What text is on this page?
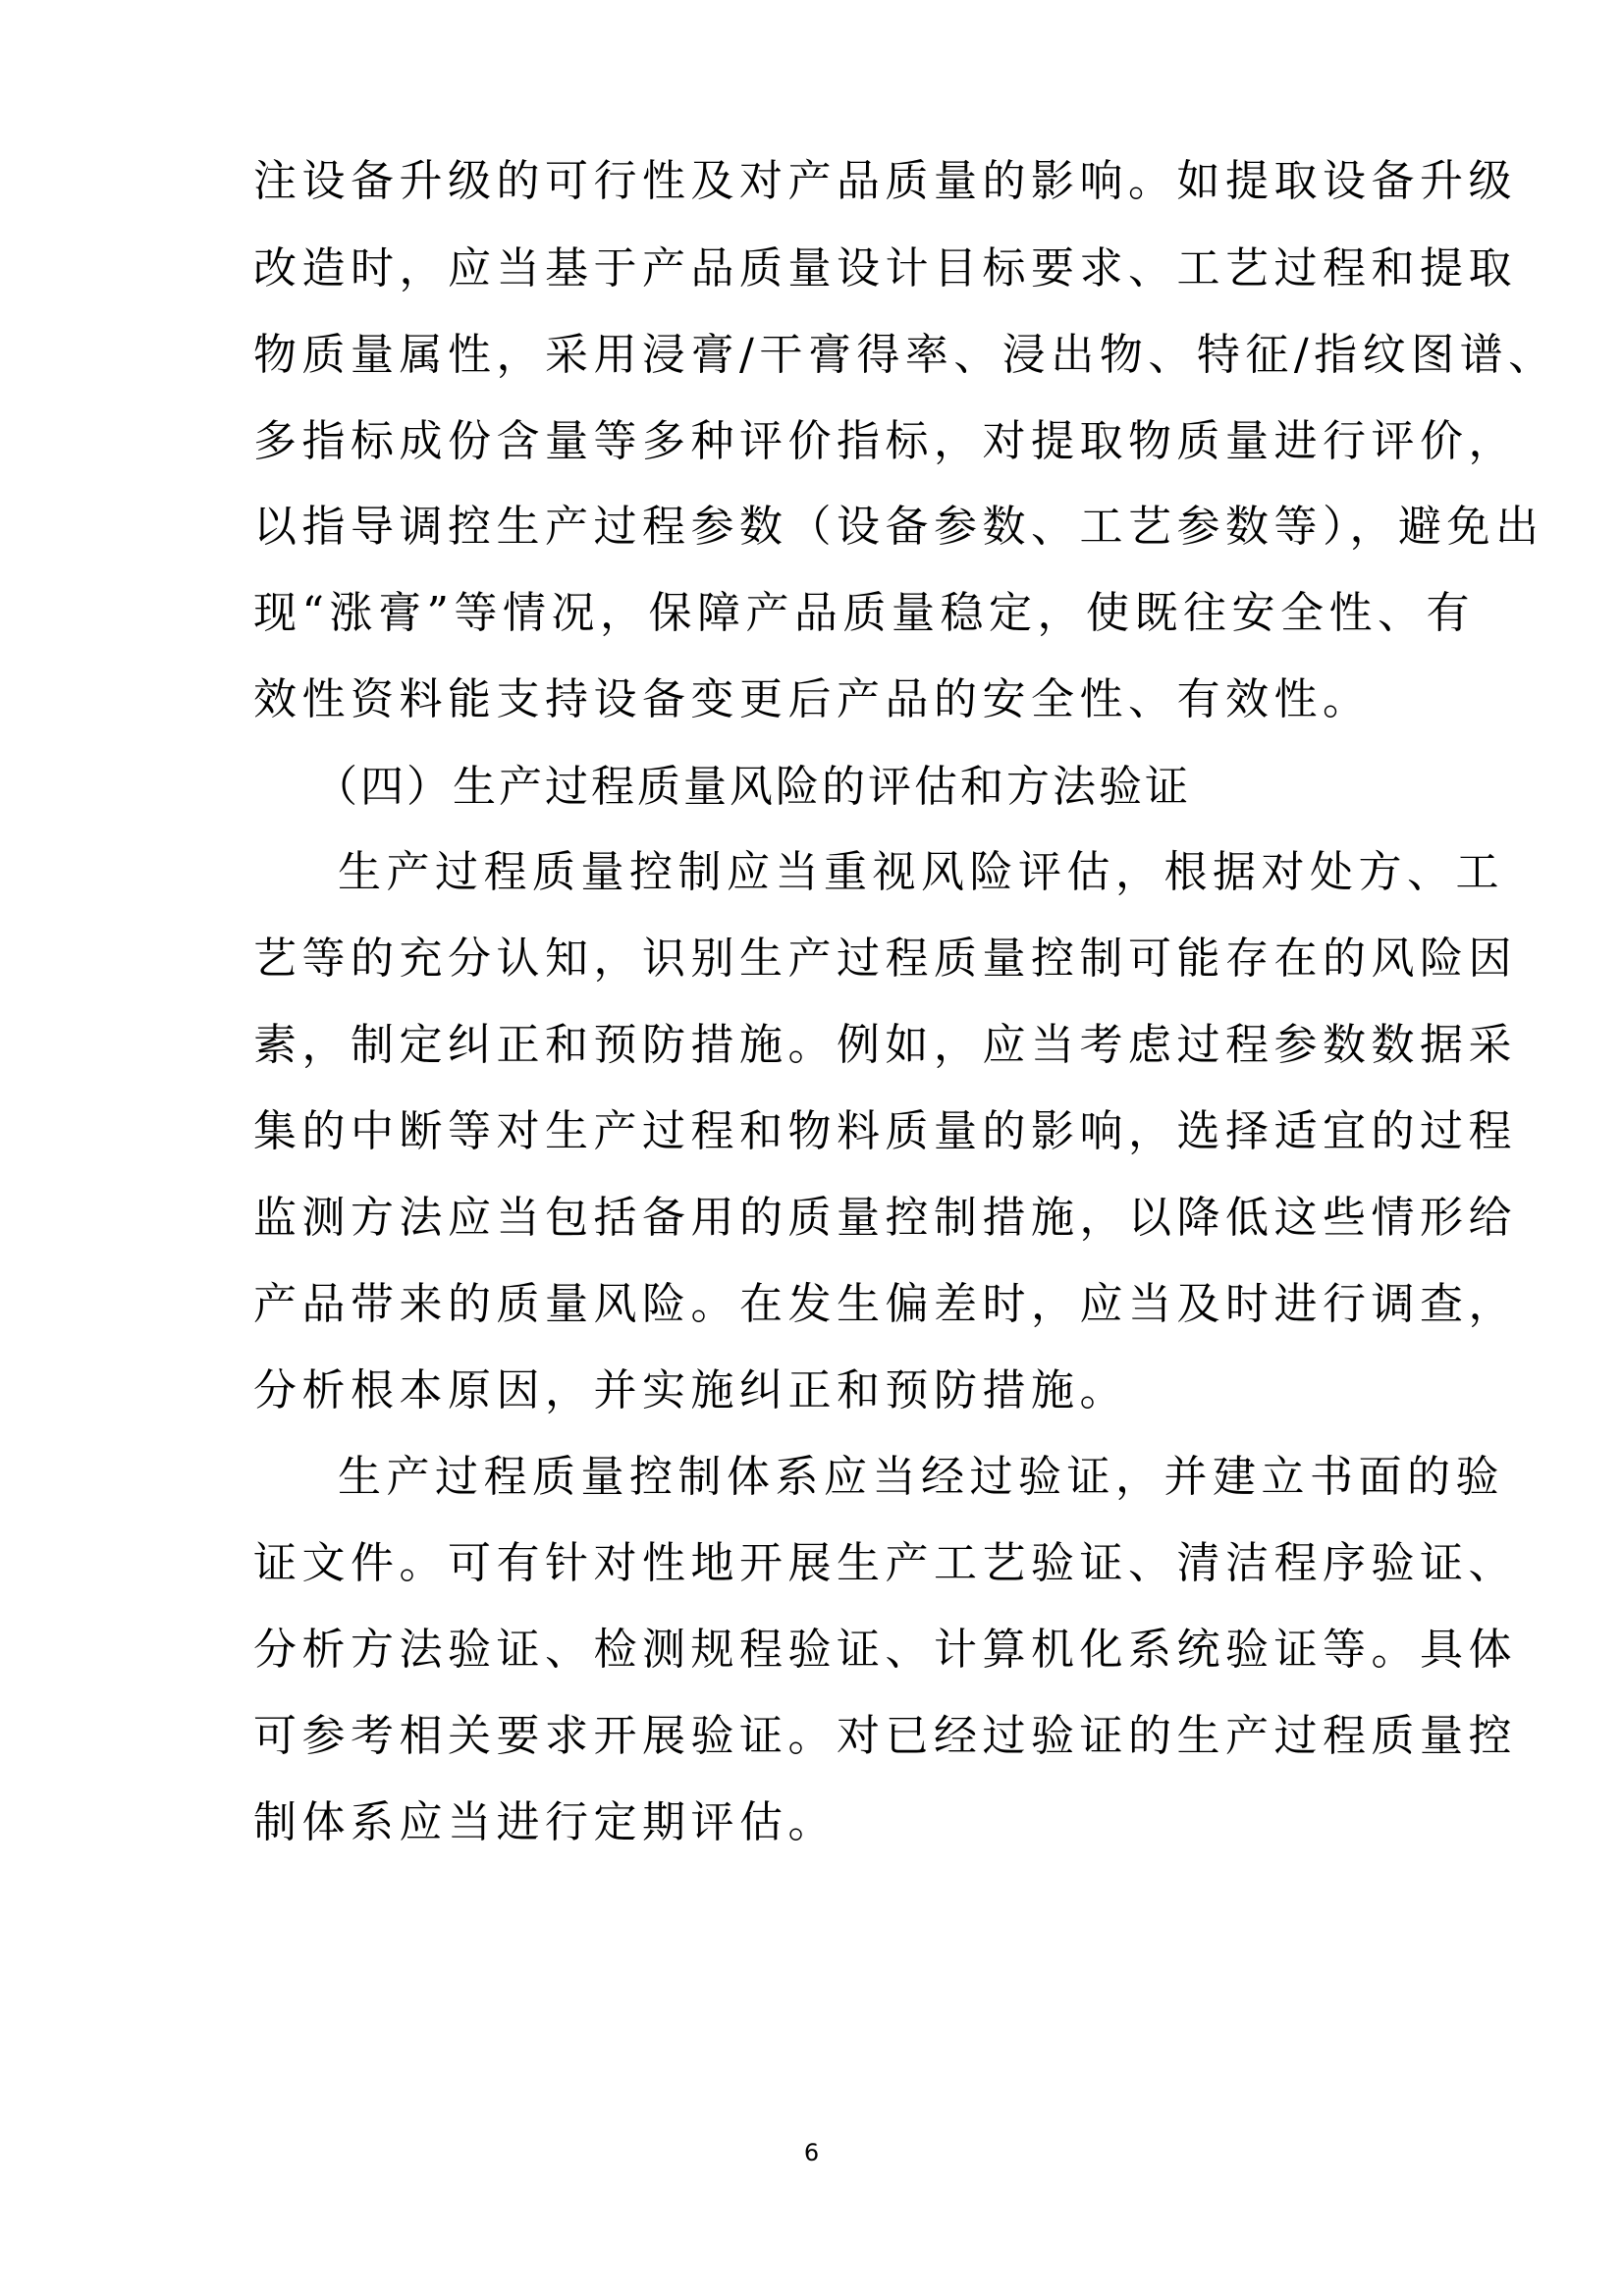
注设备升级的可行性及对产品质量的影响。如提取设备升级
改造时，应当基于产品质量设计目标要求、工艺过程和提取
物质量属性，采用浸膏/干膏得率、浸出物、特征/指纹图谱、
多指标成份含量等多种评价指标，对提取物质量进行评价，
以指导调控生产过程参数（设备参数、工艺参数等），避免出
现“涨膏”等情况，保障产品质量稳定，使既往安全性、有
效性资料能支持设备变更后产品的安全性、有效性。
（四）生产过程质量风险的评估和方法验证
生产过程质量控制应当重视风险评估，根据对处方、工
艺等的充分认知，识别生产过程质量控制可能存在的风险因
素，制定纠正和预防措施。例如，应当考虑过程参数数据采
集的中断等对生产过程和物料质量的影响，选择适宜的过程
监测方法应当包括备用的质量控制措施，以降低这些情形给
产品带来的质量风险。在发生偏差时，应当及时进行调查，
分析根本原因，并实施纠正和预防措施。
生产过程质量控制体系应当经过验证，并建立书面的验
证文件。可有针对性地开展生产工艺验证、清洁程序验证、
分析方法验证、检测规程验证、计算机化系统验证等。具体
可参考相关要求开展验证。对已经过验证的生产过程质量控
制体系应当进行定期评估。
6
